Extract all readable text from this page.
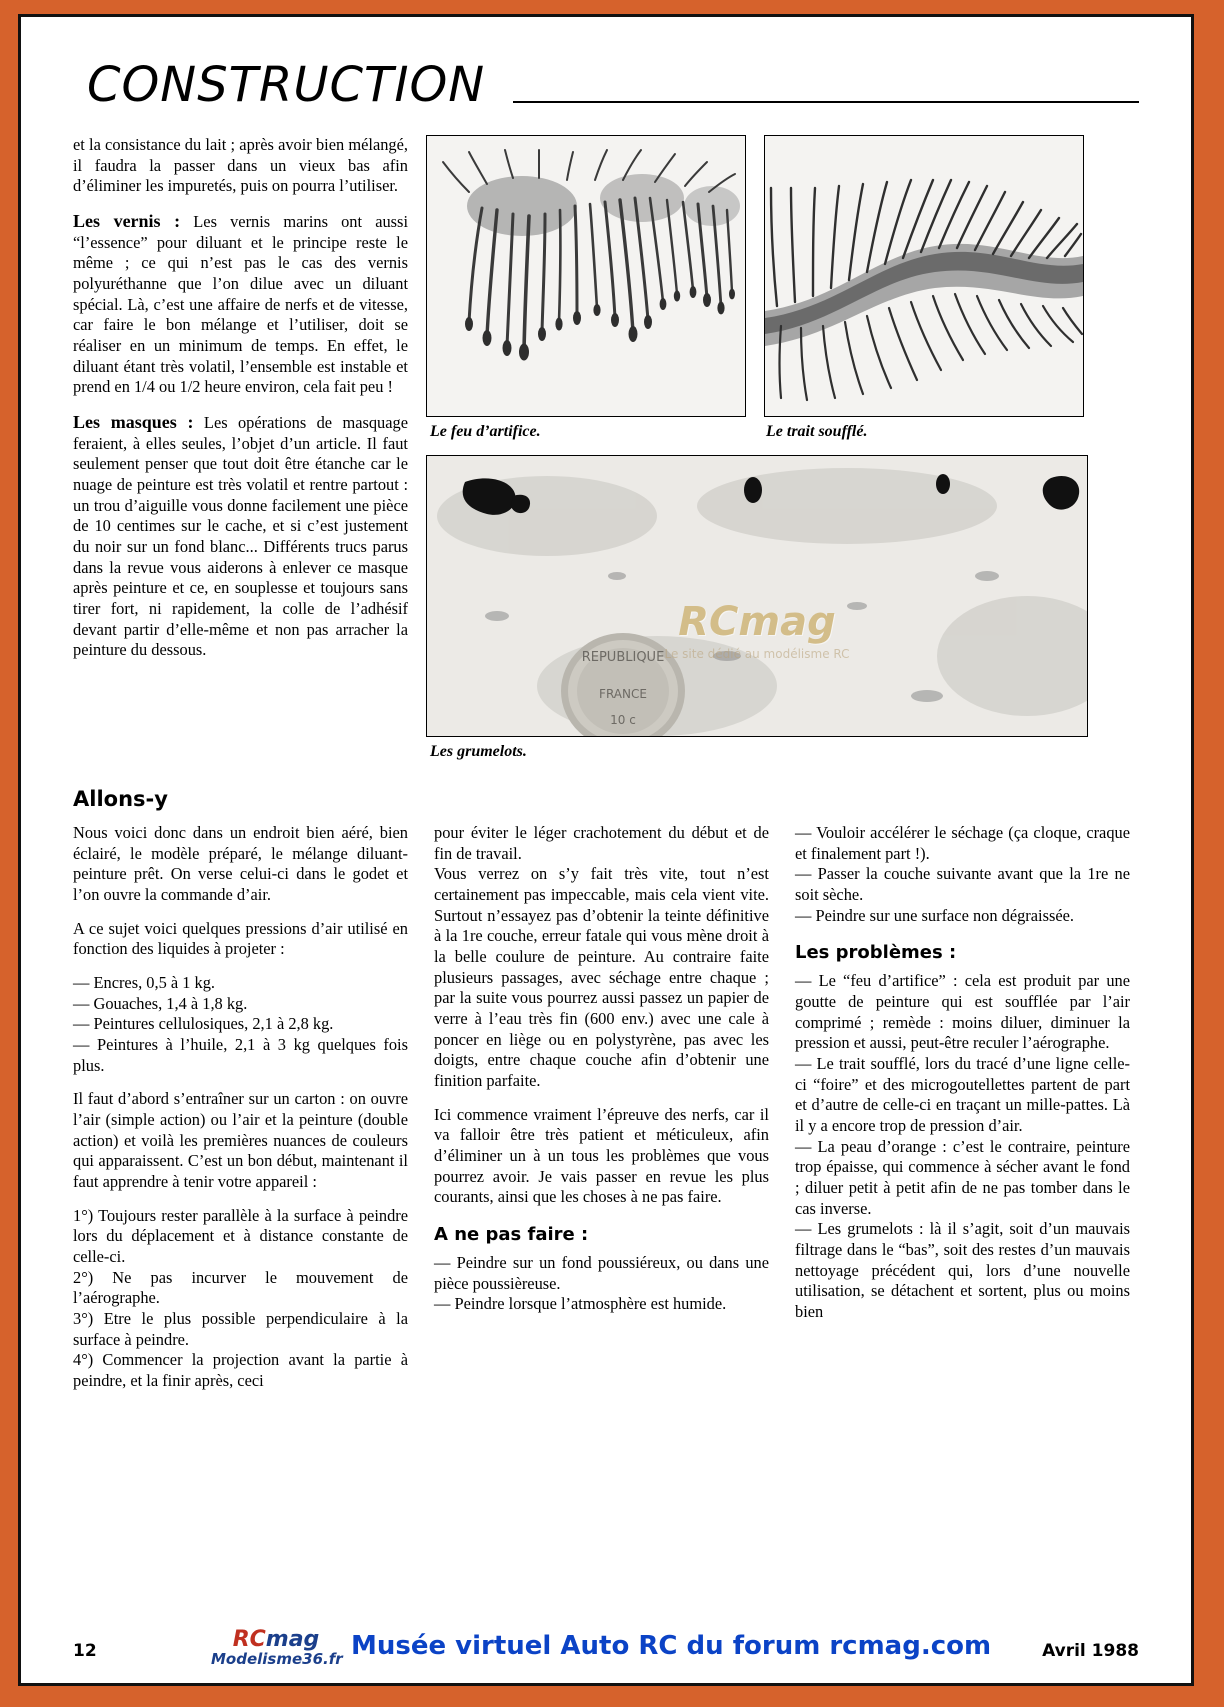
CONSTRUCTION

et la consistance du lait ; après avoir bien mélangé, il faudra la passer dans un vieux bas afin d’éliminer les impuretés, puis on pourra l’utiliser.

Les vernis : Les vernis marins ont aussi “l’essence” pour diluant et le principe reste le même ; ce qui n’est pas le cas des vernis polyuréthanne que l’on dilue avec un diluant spécial. Là, c’est une affaire de nerfs et de vitesse, car faire le bon mélange et l’utiliser, doit se réaliser en un minimum de temps. En effet, le diluant étant très volatil, l’ensemble est instable et prend en 1/4 ou 1/2 heure environ, cela fait peu !

Les masques : Les opérations de masquage feraient, à elles seules, l’objet d’un article. Il faut seulement penser que tout doit être étanche car le nuage de peinture est très volatil et rentre partout : un trou d’aiguille vous donne facilement une pièce de 10 centimes sur le cache, et si c’est justement du noir sur un fond blanc... Différents trucs parus dans la revue vous aiderons à enlever ce masque après peinture et ce, en souplesse et toujours sans tirer fort, ni rapidement, la colle de l’adhésif devant partir d’elle-même et non pas arracher la peinture du dessous.

Le feu d’artifice.	Le trait soufflé.
REPUBLIQUE
FRANCE
10 c
RCmag
Le site dédié au modélisme RC
Les grumelots.
Allons-y

Nous voici donc dans un endroit bien aéré, bien éclairé, le modèle préparé, le mélange diluant-peinture prêt. On verse celui-ci dans le godet et l’on ouvre la commande d’air.

A ce sujet voici quelques pressions d’air utilisé en fonction des liquides à projeter :

— Encres, 0,5 à 1 kg.

— Gouaches, 1,4 à 1,8 kg.

— Peintures cellulosiques, 2,1 à 2,8 kg.

— Peintures à l’huile, 2,1 à 3 kg quelques fois plus.

Il faut d’abord s’entraîner sur un carton : on ouvre l’air (simple action) ou l’air et la peinture (double action) et voilà les premières nuances de couleurs qui apparaissent. C’est un bon début, maintenant il faut apprendre à tenir votre appareil :

1°) Toujours rester parallèle à la surface à peindre lors du déplacement et à distance constante de celle-ci.

2°) Ne pas incurver le mouvement de l’aérographe.

3°) Etre le plus possible perpendiculaire à la surface à peindre.

4°) Commencer la projection avant la partie à peindre, et la finir après, ceci

pour éviter le léger crachotement du début et de fin de travail.

Vous verrez on s’y fait très vite, tout n’est certainement pas impeccable, mais cela vient vite. Surtout n’essayez pas d’obtenir la teinte définitive à la 1re couche, erreur fatale qui vous mène droit à la belle coulure de peinture. Au contraire faite plusieurs passages, avec séchage entre chaque ; par la suite vous pourrez aussi passez un papier de verre à l’eau très fin (600 env.) avec une cale à poncer en liège ou en polystyrène, pas avec les doigts, entre chaque couche afin d’obtenir une finition parfaite.

Ici commence vraiment l’épreuve des nerfs, car il va falloir être très patient et méticuleux, afin d’éliminer un à un tous les problèmes que vous pourrez avoir. Je vais passer en revue les plus courants, ainsi que les choses à ne pas faire.

A ne pas faire :

— Peindre sur un fond poussiéreux, ou dans une pièce poussièreuse.

— Peindre lorsque l’atmosphère est humide.

— Vouloir accélérer le séchage (ça cloque, craque et finalement part !).

— Passer la couche suivante avant que la 1re ne soit sèche.

— Peindre sur une surface non dégraissée.

Les problèmes :

— Le “feu d’artifice” : cela est produit par une goutte de peinture qui est soufflée par l’air comprimé ; remède : moins diluer, diminuer la pression et aussi, peut-être reculer l’aérographe.

— Le trait soufflé, lors du tracé d’une ligne celle-ci “foire” et des microgoutellettes partent de part et d’autre de celle-ci en traçant un mille-pattes. Là il y a encore trop de pression d’air.

— La peau d’orange : c’est le contraire, peinture trop épaisse, qui commence à sécher avant le fond ; diluer petit à petit afin de ne pas tomber dans le cas inverse.

— Les grumelots : là il s’agit, soit d’un mauvais filtrage dans le “bas”, soit des restes d’un mauvais nettoyage précédent qui, lors d’une nouvelle utilisation, se détachent et sortent, plus ou moins bien

12	RCmag
Modelisme36.fr Musée virtuel Auto RC du forum rcmag.com	Avril 1988
